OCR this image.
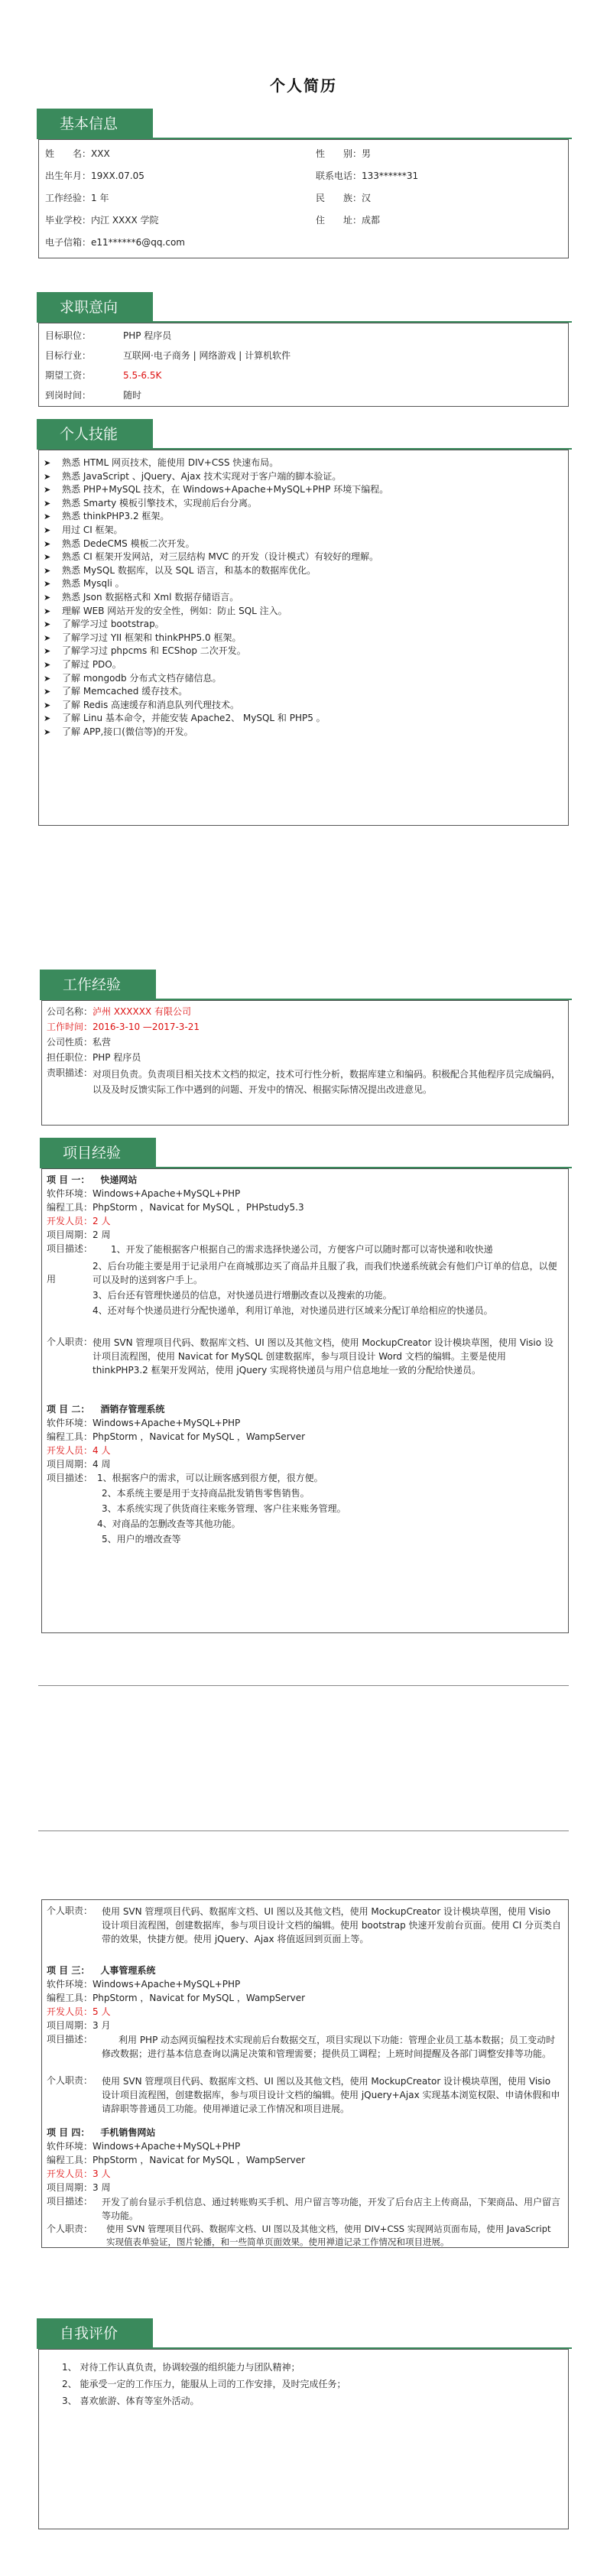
个人简历
基本信息
姓　　名：XXX	性　　别：男
出生年月：19XX.07.05	联系电话：133******31
工作经验：1 年	民　　族：汉
毕业学校：内江 XXXX 学院	住　　址：成都
电子信箱：e11******6@qq.com
求职意向
目标职位：	PHP 程序员
目标行业：	互联网·电子商务 | 网络游戏 | 计算机软件
期望工资：	5.5-6.5K
到岗时间：	随时
个人技能
➤ 熟悉 HTML 网页技术，能使用 DIV+CSS 快速布局。
➤ 熟悉 JavaScript 、jQuery、Ajax 技术实现对于客户端的脚本验证。
➤ 熟悉 PHP+MySQL 技术，在 Windows+Apache+MySQL+PHP 环境下编程。
➤ 熟悉 Smarty 模板引擎技术，实现前后台分离。
➤ 熟悉 thinkPHP3.2 框架。
➤ 用过 CI 框架。
➤ 熟悉 DedeCMS 模板二次开发。
➤ 熟悉 CI 框架开发网站，对三层结构 MVC 的开发（设计模式）有较好的理解。
➤ 熟悉 MySQL 数据库，以及 SQL 语言，和基本的数据库优化。
➤ 熟悉 Mysqli 。
➤ 熟悉 Json 数据格式和 Xml 数据存储语言。
➤ 理解 WEB 网站开发的安全性，例如：防止 SQL 注入。
➤ 了解学习过 bootstrap。
➤ 了解学习过 YII 框架和 thinkPHP5.0 框架。
➤ 了解学习过 phpcms 和 ECShop 二次开发。
➤ 了解过 PDO。
➤ 了解 mongodb 分布式文档存储信息。
➤ 了解 Memcached 缓存技术。
➤ 了解 Redis 高速缓存和消息队列代理技术。
➤ 了解 Linu 基本命令，并能安装 Apache2、 MySQL 和 PHP5 。
➤ 了解 APP,接口(微信等)的开发。
工作经验
公司名称：泸州 XXXXXX 有限公司
工作时间：2016-3-10 —2017-3-21
公司性质：私营
担任职位：PHP 程序员
责职描述： 对项目负责。负责项目相关技术文档的拟定，技术可行性分析，数据库建立和编码。积极配合其他程序员完成编码，以及及时反馈实际工作中遇到的问题、开发中的情况、根据实际情况提出改进意见。
项目经验
项 目 一： 快递网站
软件环境：Windows+Apache+MySQL+PHP
编程工具：PhpStorm ，Navicat for MySQL ，PHPstudy5.3
开发人员：2 人
项目周期：2 周
项目描述： 1、开发了能根据客户根据自己的需求选择快递公司，方便客户可以随时都可以寄快递和收快递
用
2、后台功能主要是用于记录用户在商城那边买了商品并且服了我，而我们快递系统就会有他们户订单的信息，以便可以及时的送到客户手上。
3、后台还有管理快递员的信息，对快递员进行增删改查以及搜索的功能。
4、还对每个快递员进行分配快递单，利用订单池，对快递员进行区域来分配订单给相应的快递员。
个人职责： 使用 SVN 管理项目代码、数据库文档、UI 图以及其他文档，使用 MockupCreator 设计模块草图，使用 Visio 设计项目流程图，使用 Navicat for MySQL 创建数据库，参与项目设计 Word 文档的编辑。主要是使用 thinkPHP3.2 框架开发网站，使用 jQuery 实现将快递员与用户信息地址一致的分配给快递员。
项 目 二： 酒销存管理系统
软件环境：Windows+Apache+MySQL+PHP
编程工具：PhpStorm ，Navicat for MySQL ，WampServer
开发人员：4 人
项目周期：4 周
项目描述： 1、根据客户的需求，可以让顾客感到很方便，很方便。
2、本系统主要是用于支持商品批发销售零售销售。
3、本系统实现了供货商往来账务管理、客户往来账务管理。
4、对商品的怎删改查等其他功能。
5、用户的增改查等
个人职责： 使用 SVN 管理项目代码、数据库文档、UI 图以及其他文档，使用 MockupCreator 设计模块草图，使用 Visio 设计项目流程图，创建数据库，参与项目设计文档的编辑。使用 bootstrap 快速开发前台页面。使用 CI 分页类自带的效果，快捷方便。使用 jQuery、Ajax 将值返回到页面上等。
项 目 三： 人事管理系统
软件环境：Windows+Apache+MySQL+PHP
编程工具：PhpStorm ，Navicat for MySQL ，WampServer
开发人员：5 人
项目周期：3 月
项目描述：	利用 PHP 动态网页编程技术实现前后台数据交互，项目实现以下功能：管理企业员工基本数据；员工变动时修改数据；进行基本信息查询以满足决策和管理需要；提供员工调程；上班时间提醒及各部门调整安排等功能。
个人职责： 使用 SVN 管理项目代码、数据库文档、UI 图以及其他文档，使用 MockupCreator 设计模块草图，使用 Visio 设计项目流程图，创建数据库，参与项目设计文档的编辑。使用 jQuery+Ajax 实现基本浏览权限、申请休假和申请辞职等普通员工功能。使用禅道记录工作情况和项目进展。
项 目 四： 手机销售网站
软件环境：Windows+Apache+MySQL+PHP
编程工具：PhpStorm ，Navicat for MySQL ，WampServer
开发人员：3 人
项目周期：3 周
项目描述： 开发了前台显示手机信息、通过转账购买手机、用户留言等功能，开发了后台店主上传商品，下架商品、用户留言等功能。
个人职责： 使用 SVN 管理项目代码、数据库文档、UI 图以及其他文档，使用 DIV+CSS 实现网站页面布局，使用 JavaScript 实现值表单验证，图片轮播，和一些简单页面效果。使用禅道记录工作情况和项目进展。
自我评价
1、 对待工作认真负责，协调较强的组织能力与团队精神；
2、 能承受一定的工作压力，能服从上司的工作安排，及时完成任务；
3、 喜欢旅游、体育等室外活动。
